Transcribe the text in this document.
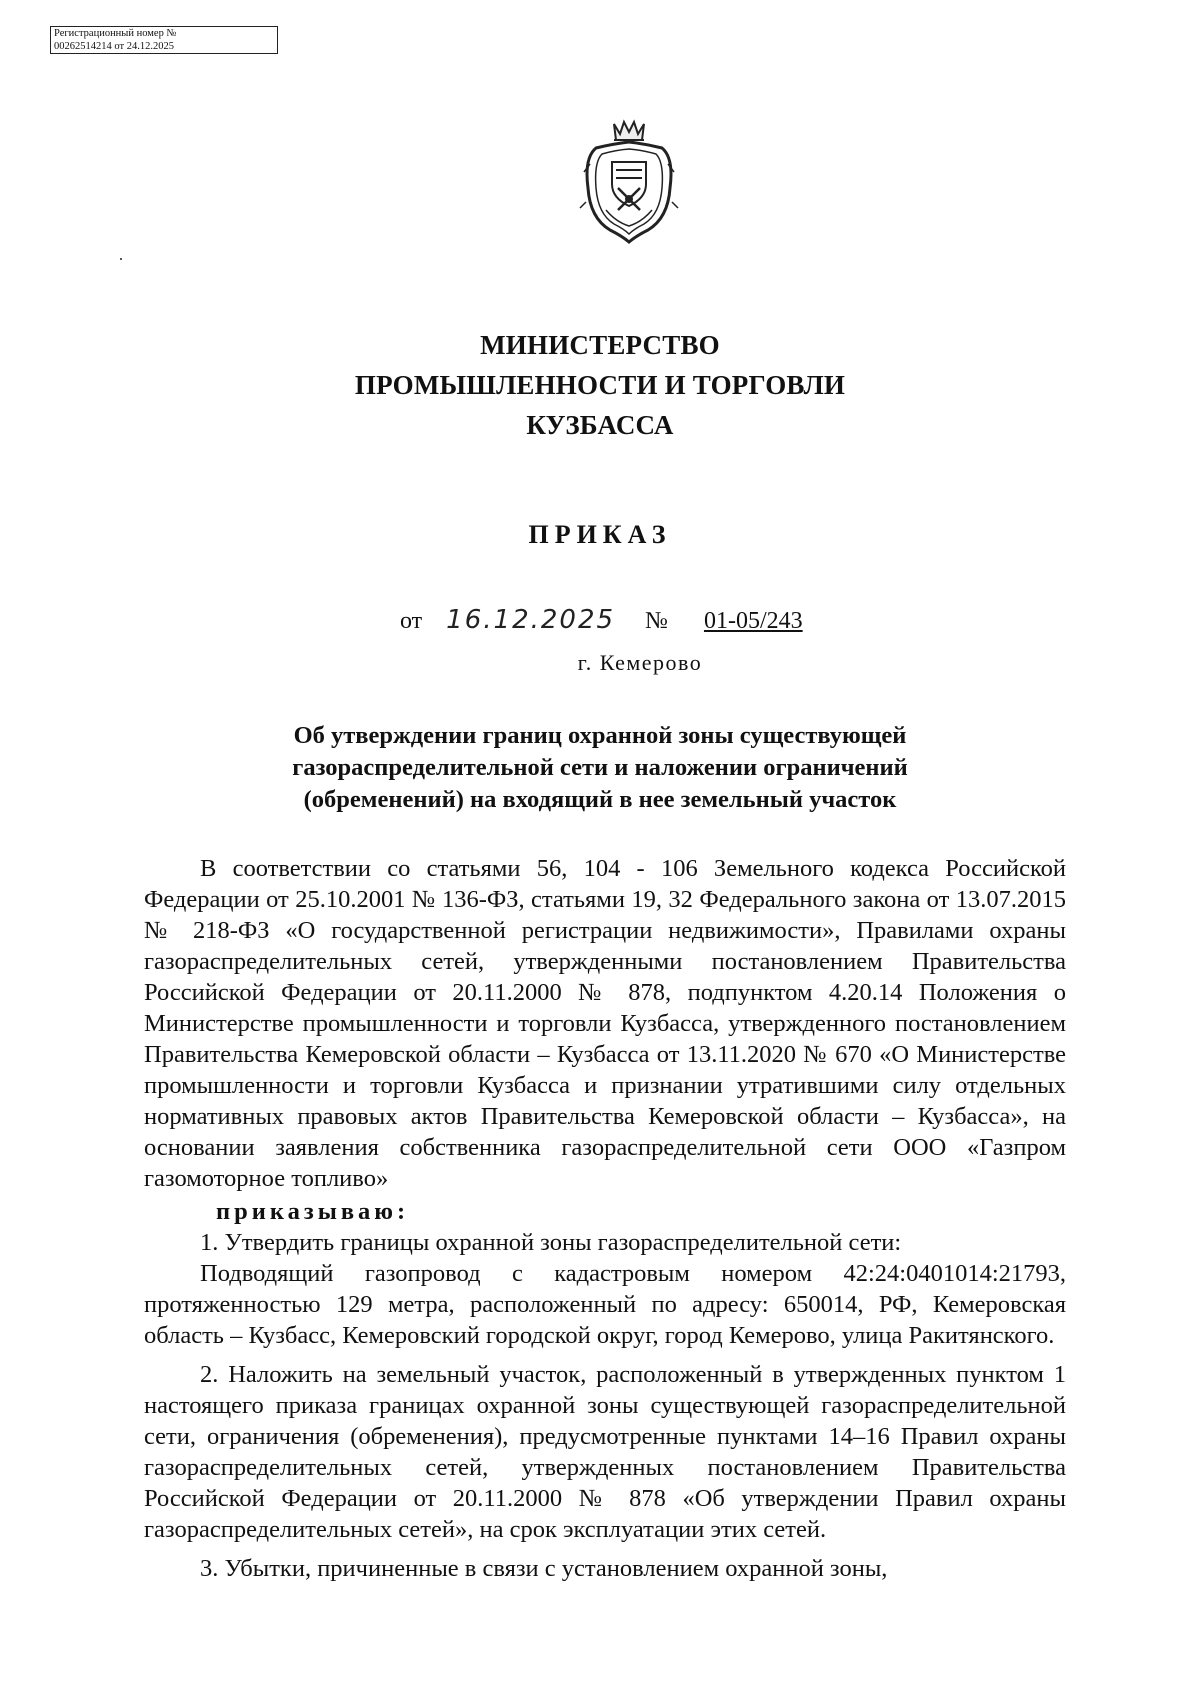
Регистрационный номер №
00262514214 от 24.12.2025
МИНИСТЕРСТВО
ПРОМЫШЛЕННОСТИ И ТОРГОВЛИ
КУЗБАССА
ПРИКАЗ
от 16.12.2025 № 01-05/243
г. Кемерово
Об утверждении границ охранной зоны существующей
газораспределительной сети и наложении ограничений
(обременений) на входящий в нее земельный участок

В соответствии со статьями 56, 104 - 106 Земельного кодекса Российской Федерации от 25.10.2001 № 136-ФЗ, статьями 19, 32 Федерального закона от 13.07.2015 № 218-ФЗ «О государственной регистрации недвижимости», Правилами охраны газораспределительных сетей, утвержденными постановлением Правительства Российской Федерации от 20.11.2000 № 878, подпунктом 4.20.14 Положения о Министерстве промышленности и торговли Кузбасса, утвержденного постановлением Правительства Кемеровской области – Кузбасса от 13.11.2020 № 670 «О Министерстве промышленности и торговли Кузбасса и признании утратившими силу отдельных нормативных правовых актов Правительства Кемеровской области – Кузбасса», на основании заявления собственника газораспределительной сети ООО «Газпром газомоторное топливо»

приказываю:

1. Утвердить границы охранной зоны газораспределительной сети:

Подводящий газопровод с кадастровым номером 42:24:0401014:21793, протяженностью 129 метра, расположенный по адресу: 650014, РФ, Кемеровская область – Кузбасс, Кемеровский городской округ, город Кемерово, улица Ракитянского.

2. Наложить на земельный участок, расположенный в утвержденных пунктом 1 настоящего приказа границах охранной зоны существующей газораспределительной сети, ограничения (обременения), предусмотренные пунктами 14–16 Правил охраны газораспределительных сетей, утвержденных постановлением Правительства Российской Федерации от 20.11.2000 № 878 «Об утверждении Правил охраны газораспределительных сетей», на срок эксплуатации этих сетей.

3. Убытки, причиненные в связи с установлением охранной зоны,
